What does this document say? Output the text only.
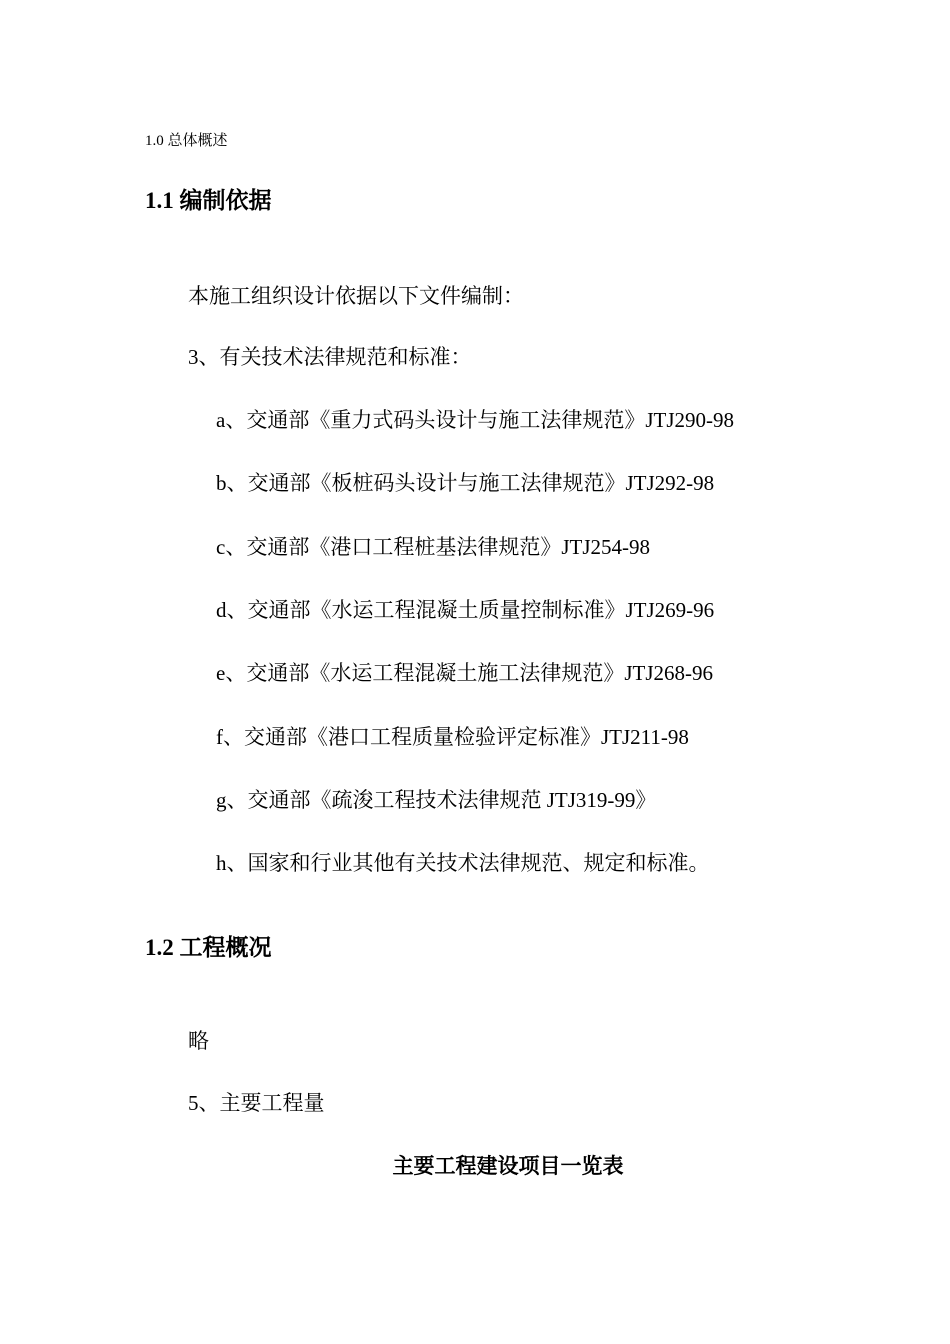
1.0 总体概述
1.1 编制依据
本施工组织设计依据以下文件编制：
3、有关技术法律规范和标准：
a、交通部《重力式码头设计与施工法律规范》JTJ290-98
b、交通部《板桩码头设计与施工法律规范》JTJ292-98
c、交通部《港口工程桩基法律规范》JTJ254-98
d、交通部《水运工程混凝土质量控制标准》JTJ269-96
e、交通部《水运工程混凝土施工法律规范》JTJ268-96
f、交通部《港口工程质量检验评定标准》JTJ211-98
g、交通部《疏浚工程技术法律规范 JTJ319-99》
h、国家和行业其他有关技术法律规范、规定和标准。
1.2 工程概况
略
5、主要工程量
主要工程建设项目一览表
